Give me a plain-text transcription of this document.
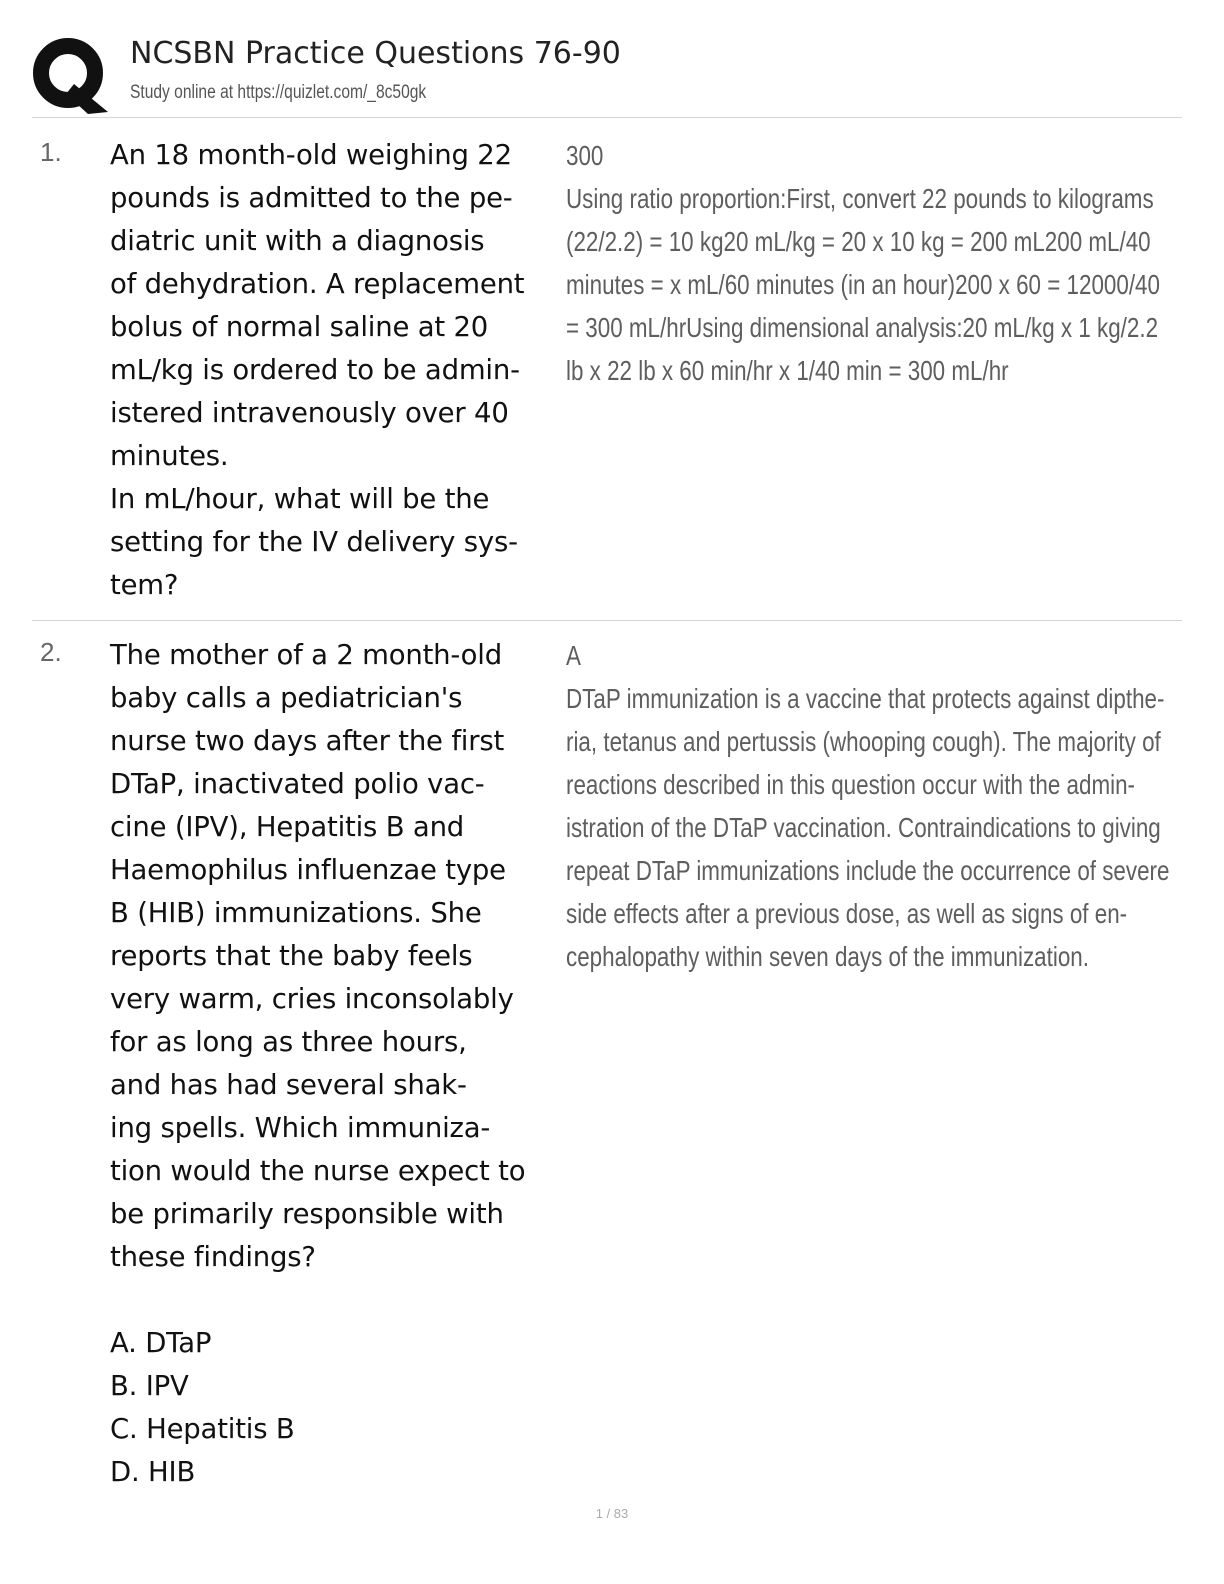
NCSBN Practice Questions 76-90
Study online at https://quizlet.com/_8c50gk
1. An 18 month-old weighing 22
pounds is admitted to the pe-
diatric unit with a diagnosis
of dehydration. A replacement
bolus of normal saline at 20
mL/kg is ordered to be admin-
istered intravenously over 40
minutes.
In mL/hour, what will be the
setting for the IV delivery sys-
tem?
300
Using ratio proportion:First, convert 22 pounds to kilograms
(22/2.2) = 10 kg20 mL/kg = 20 x 10 kg = 200 mL200 mL/40
minutes = x mL/60 minutes (in an hour)200 x 60 = 12000/40
= 300 mL/hrUsing dimensional analysis:20 mL/kg x 1 kg/2.2
lb x 22 lb x 60 min/hr x 1/40 min = 300 mL/hr
2. The mother of a 2 month-old
baby calls a pediatrician's
nurse two days after the first
DTaP, inactivated polio vac-
cine (IPV), Hepatitis B and
Haemophilus influenzae type
B (HIB) immunizations. She
reports that the baby feels
very warm, cries inconsolably
for as long as three hours,
and has had several shak-
ing spells. Which immuniza-
tion would the nurse expect to
be primarily responsible with
these findings?
A. DTaP
B. IPV
C. Hepatitis B
D. HIB
A
DTaP immunization is a vaccine that protects against dipthe-
ria, tetanus and pertussis (whooping cough). The majority of
reactions described in this question occur with the admin-
istration of the DTaP vaccination. Contraindications to giving
repeat DTaP immunizations include the occurrence of severe
side effects after a previous dose, as well as signs of en-
cephalopathy within seven days of the immunization.
1 / 83
